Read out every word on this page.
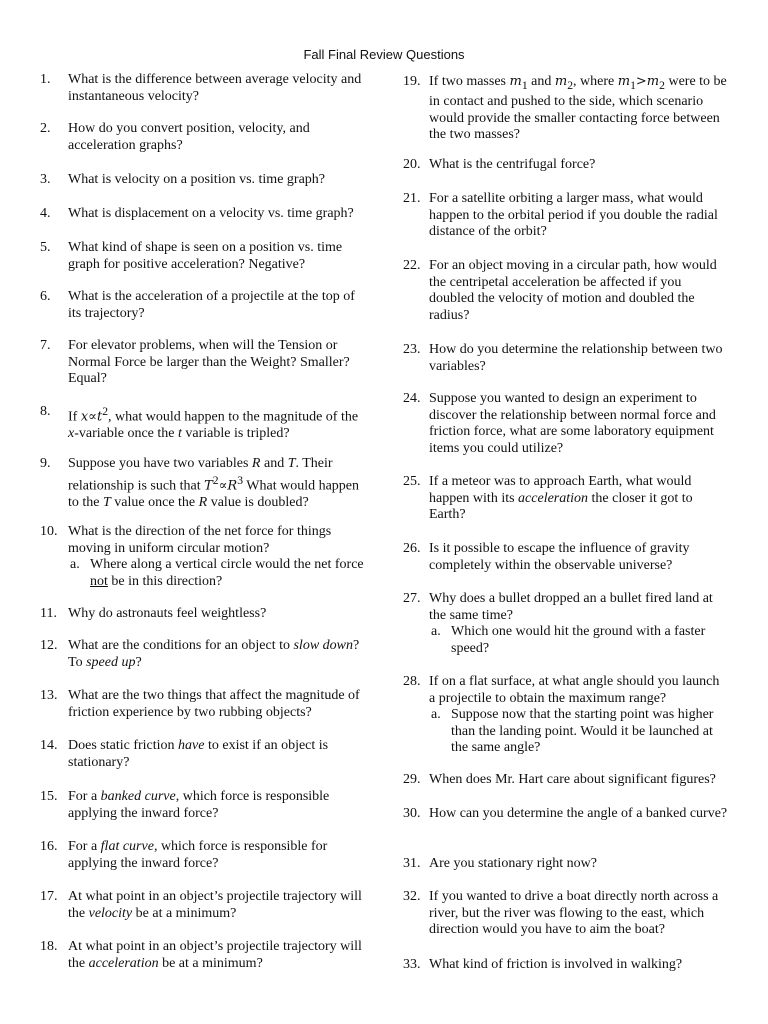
Fall Final Review Questions
1.	What is the difference between average velocity and instantaneous velocity?
2.	How do you convert position, velocity, and acceleration graphs?
3.	What is velocity on a position vs. time graph?
4.	What is displacement on a velocity vs. time graph?
5.	What kind of shape is seen on a position vs. time graph for positive acceleration? Negative?
6.	What is the acceleration of a projectile at the top of its trajectory?
7.	For elevator problems, when will the Tension or Normal Force be larger than the Weight? Smaller? Equal?
8.	If $x\propto t^2$, what would happen to the magnitude of the x-variable once the t variable is tripled?
9.	Suppose you have two variables R and T. Their relationship is such that $T^2\propto R^3$ What would happen to the T value once the R value is doubled?
10. What is the direction of the net force for things moving in uniform circular motion?
a. Where along a vertical circle would the net force not be in this direction?
11. Why do astronauts feel weightless?
12. What are the conditions for an object to slow down? To speed up?
13. What are the two things that affect the magnitude of friction experience by two rubbing objects?
14. Does static friction have to exist if an object is stationary?
15. For a banked curve, which force is responsible applying the inward force?
16. For a flat curve, which force is responsible for applying the inward force?
17. At what point in an object’s projectile trajectory will the velocity be at a minimum?
18. At what point in an object’s projectile trajectory will the acceleration be at a minimum?
19. If two masses $m_1$ and $m_2$, where $m_1>m_2$ were to be in contact and pushed to the side, which scenario would provide the smaller contacting force between the two masses?
20. What is the centrifugal force?
21. For a satellite orbiting a larger mass, what would happen to the orbital period if you double the radial distance of the orbit?
22. For an object moving in a circular path, how would the centripetal acceleration be affected if you doubled the velocity of motion and doubled the radius?
23. How do you determine the relationship between two variables?
24. Suppose you wanted to design an experiment to discover the relationship between normal force and friction force, what are some laboratory equipment items you could utilize?
25. If a meteor was to approach Earth, what would happen with its acceleration the closer it got to Earth?
26. Is it possible to escape the influence of gravity completely within the observable universe?
27. Why does a bullet dropped an a bullet fired land at the same time?
a. Which one would hit the ground with a faster speed?
28. If on a flat surface, at what angle should you launch a projectile to obtain the maximum range?
a. Suppose now that the starting point was higher than the landing point. Would it be launched at the same angle?
29. When does Mr. Hart care about significant figures?
30. How can you determine the angle of a banked curve?
31. Are you stationary right now?
32. If you wanted to drive a boat directly north across a river, but the river was flowing to the east, which direction would you have to aim the boat?
33. What kind of friction is involved in walking?
